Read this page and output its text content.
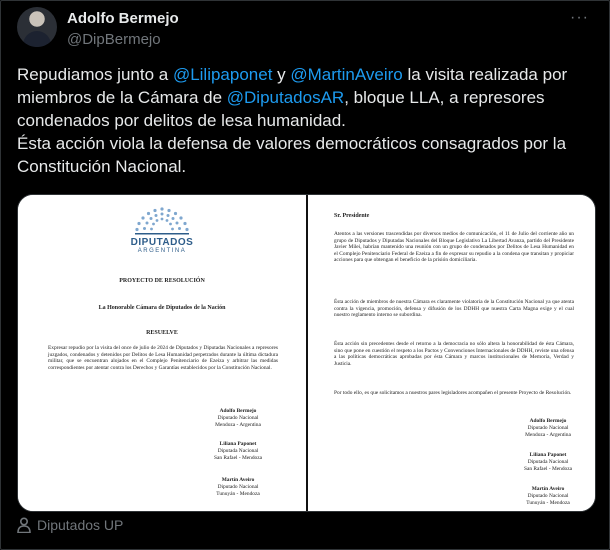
Adolfo Bermejo
@DipBermejo
···
Repudiamos junto a @Lilipaponet y @MartinAveiro la visita realizada por miembros de la Cámara de @DiputadosAR, bloque LLA, a represores condenados por delitos de lesa humanidad.
Ésta acción viola la defensa de valores democráticos consagrados por la Constitución Nacional.
DIPUTADOS
ARGENTINA
PROYECTO DE RESOLUCIÓN
La Honorable Cámara de Diputados de la Nación
RESUELVE
Expresar repudio por la visita del once de julio de 2024 de Diputados y Diputadas Nacionales a represores juzgados, condenados y detenidos por Delitos de Lesa Humanidad perpetrados durante la última dictadura militar, que se encuentran alojados en el Complejo Penitenciario de Ezeiza y arbitrar las medidas correspondientes por atentar contra los Derechos y Garantías establecidos por la Constitución Nacional.
Adolfo Bermejo
Diputado Nacional
Mendoza - Argentina
Liliana Paponet
Diputada Nacional
San Rafael - Mendoza
Martín Aveiro
Diputado Nacional
Tunuyán - Mendoza
Sr. Presidente
Atentos a las versiones trascendidas por diversos medios de comunicación, el 11 de Julio del corriente año un grupo de Diputados y Diputadas Nacionales del Bloque Legislativo La Libertad Avanza, partido del Presidente Javier Milei, habrían mantenido una reunión con un grupo de condenados por Delitos de Lesa Humanidad en el Complejo Penitenciario Federal de Ezeiza a fin de expresar su repudio a la condena que transitan y propiciar acciones para que obtengan el beneficio de la prisión domiciliaria.
Ésta acción de miembros de nuestra Cámara es claramente violatoria de la Constitución Nacional ya que atenta contra la vigencia, promoción, defensa y difusión de los DDHH que nuestra Carta Magna exige y el cual nuestro reglamento interno se subordina.
Ésta acción sin precedentes desde el retorno a la democracia no sólo altera la honorabilidad de ésta Cámara, sino que pone en cuestión el respeto a los Pactos y Convenciones Internacionales de DDHH, reviste una ofensa a las políticas democráticas aprobadas por ésta Cámara y marcos institucionales de Memoria, Verdad y Justicia.
Por todo ello, es que solicitamos a nuestros pares legisladores acompañen el presente Proyecto de Resolución.
Adolfo Bermejo
Diputado Nacional
Mendoza - Argentina
Liliana Paponet
Diputada Nacional
San Rafael - Mendoza
Martín Aveiro
Diputado Nacional
Tunuyán - Mendoza
Diputados UP
